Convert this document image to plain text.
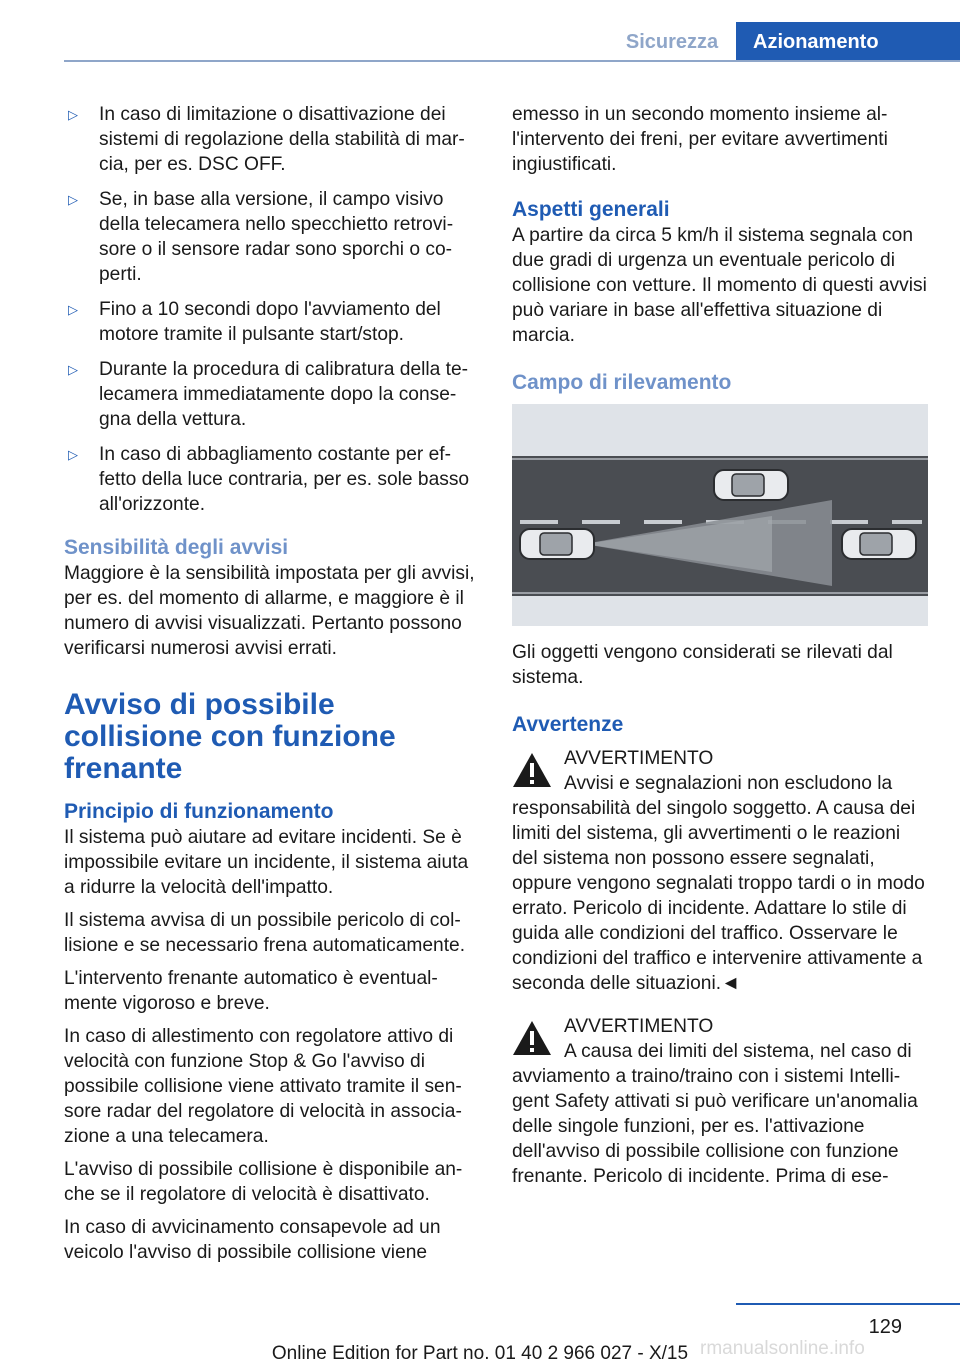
Sicurezza	Azionamento
▷	In caso di limitazione o disattivazione dei sistemi di regolazione della stabilità di marcia, per es. DSC OFF.
▷	Se, in base alla versione, il campo visivo della telecamera nello specchietto retrovisore o il sensore radar sono sporchi o coperti.
▷	Fino a 10 secondi dopo l'avviamento del motore tramite il pulsante start/stop.
▷	Durante la procedura di calibratura della telecamera immediatamente dopo la consegna della vettura.
▷	In caso di abbagliamento costante per effetto della luce contraria, per es. sole basso all'orizzonte.
Sensibilità degli avvisi

Maggiore è la sensibilità impostata per gli avvisi, per es. del momento di allarme, e maggiore è il numero di avvisi visualizzati. Pertanto possono verificarsi numerosi avvisi errati.

Avviso di possibile collisione con funzione frenante
Principio di funzionamento

Il sistema può aiutare ad evitare incidenti. Se è impossibile evitare un incidente, il sistema aiuta a ridurre la velocità dell'impatto.

Il sistema avvisa di un possibile pericolo di collisione e se necessario frena automaticamente.

L'intervento frenante automatico è eventualmente vigoroso e breve.

In caso di allestimento con regolatore attivo di velocità con funzione Stop & Go l'avviso di possibile collisione viene attivato tramite il sensore radar del regolatore di velocità in associazione a una telecamera.

L'avviso di possibile collisione è disponibile anche se il regolatore di velocità è disattivato.

In caso di avvicinamento consapevole ad un veicolo l'avviso di possibile collisione viene

emesso in un secondo momento insieme all'intervento dei freni, per evitare avvertimenti ingiustificati.

Aspetti generali

A partire da circa 5 km/h il sistema segnala con due gradi di urgenza un eventuale pericolo di collisione con vetture. Il momento di questi avvisi può variare in base all'effettiva situazione di marcia.

Campo di rilevamento

Gli oggetti vengono considerati se rilevati dal sistema.

Avvertenze
AVVERTIMENTO
Avvisi e segnalazioni non escludono la

responsabilità del singolo soggetto. A causa dei limiti del sistema, gli avvertimenti o le reazioni del sistema non possono essere segnalati, oppure vengono segnalati troppo tardi o in modo errato. Pericolo di incidente. Adattare lo stile di guida alle condizioni del traffico. Osservare le condizioni del traffico e intervenire attivamente a seconda delle situazioni.◄

AVVERTIMENTO
A causa dei limiti del sistema, nel caso di

avviamento a traino/traino con i sistemi Intelligent Safety attivati si può verificare un'anomalia delle singole funzioni, per es. l'attivazione dell'avviso di possibile collisione con funzione frenante. Pericolo di incidente. Prima di ese-

129
rmanualsonline.info
Online Edition for Part no. 01 40 2 966 027 - X/15
